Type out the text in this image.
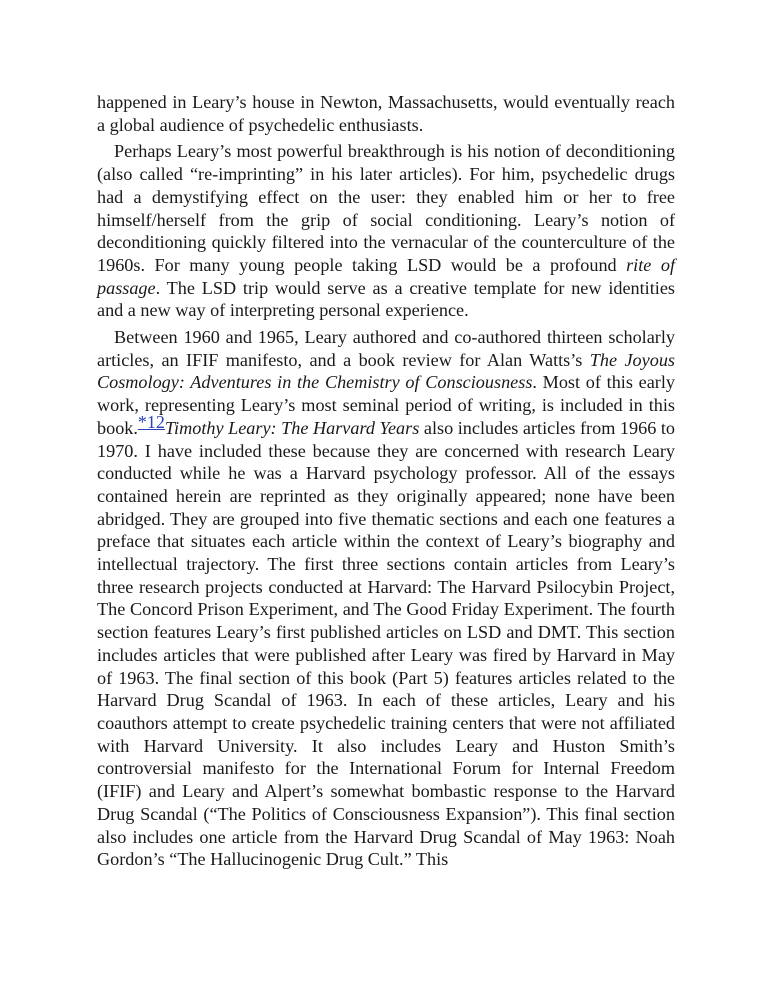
happened in Leary’s house in Newton, Massachusetts, would eventually reach a global audience of psychedelic enthusiasts.

Perhaps Leary’s most powerful breakthrough is his notion of deconditioning (also called “re-imprinting” in his later articles). For him, psychedelic drugs had a demystifying effect on the user: they enabled him or her to free himself/herself from the grip of social conditioning. Leary’s notion of deconditioning quickly filtered into the vernacular of the counterculture of the 1960s. For many young people taking LSD would be a profound rite of passage. The LSD trip would serve as a creative template for new identities and a new way of interpreting personal experience.

Between 1960 and 1965, Leary authored and co-authored thirteen scholarly articles, an IFIF manifesto, and a book review for Alan Watts’s The Joyous Cosmology: Adventures in the Chemistry of Consciousness. Most of this early work, representing Leary’s most seminal period of writing, is included in this book.*12Timothy Leary: The Harvard Years also includes articles from 1966 to 1970. I have included these because they are concerned with research Leary conducted while he was a Harvard psychology professor. All of the essays contained herein are reprinted as they originally appeared; none have been abridged. They are grouped into five thematic sections and each one features a preface that situates each article within the context of Leary’s biography and intellectual trajectory. The first three sections contain articles from Leary’s three research projects conducted at Harvard: The Harvard Psilocybin Project, The Concord Prison Experiment, and The Good Friday Experiment. The fourth section features Leary’s first published articles on LSD and DMT. This section includes articles that were published after Leary was fired by Harvard in May of 1963. The final section of this book (Part 5) features articles related to the Harvard Drug Scandal of 1963. In each of these articles, Leary and his coauthors attempt to create psychedelic training centers that were not affiliated with Harvard University. It also includes Leary and Huston Smith’s controversial manifesto for the International Forum for Internal Freedom (IFIF) and Leary and Alpert’s somewhat bombastic response to the Harvard Drug Scandal (“The Politics of Consciousness Expansion”). This final section also includes one article from the Harvard Drug Scandal of May 1963: Noah Gordon’s “The Hallucinogenic Drug Cult.” This
